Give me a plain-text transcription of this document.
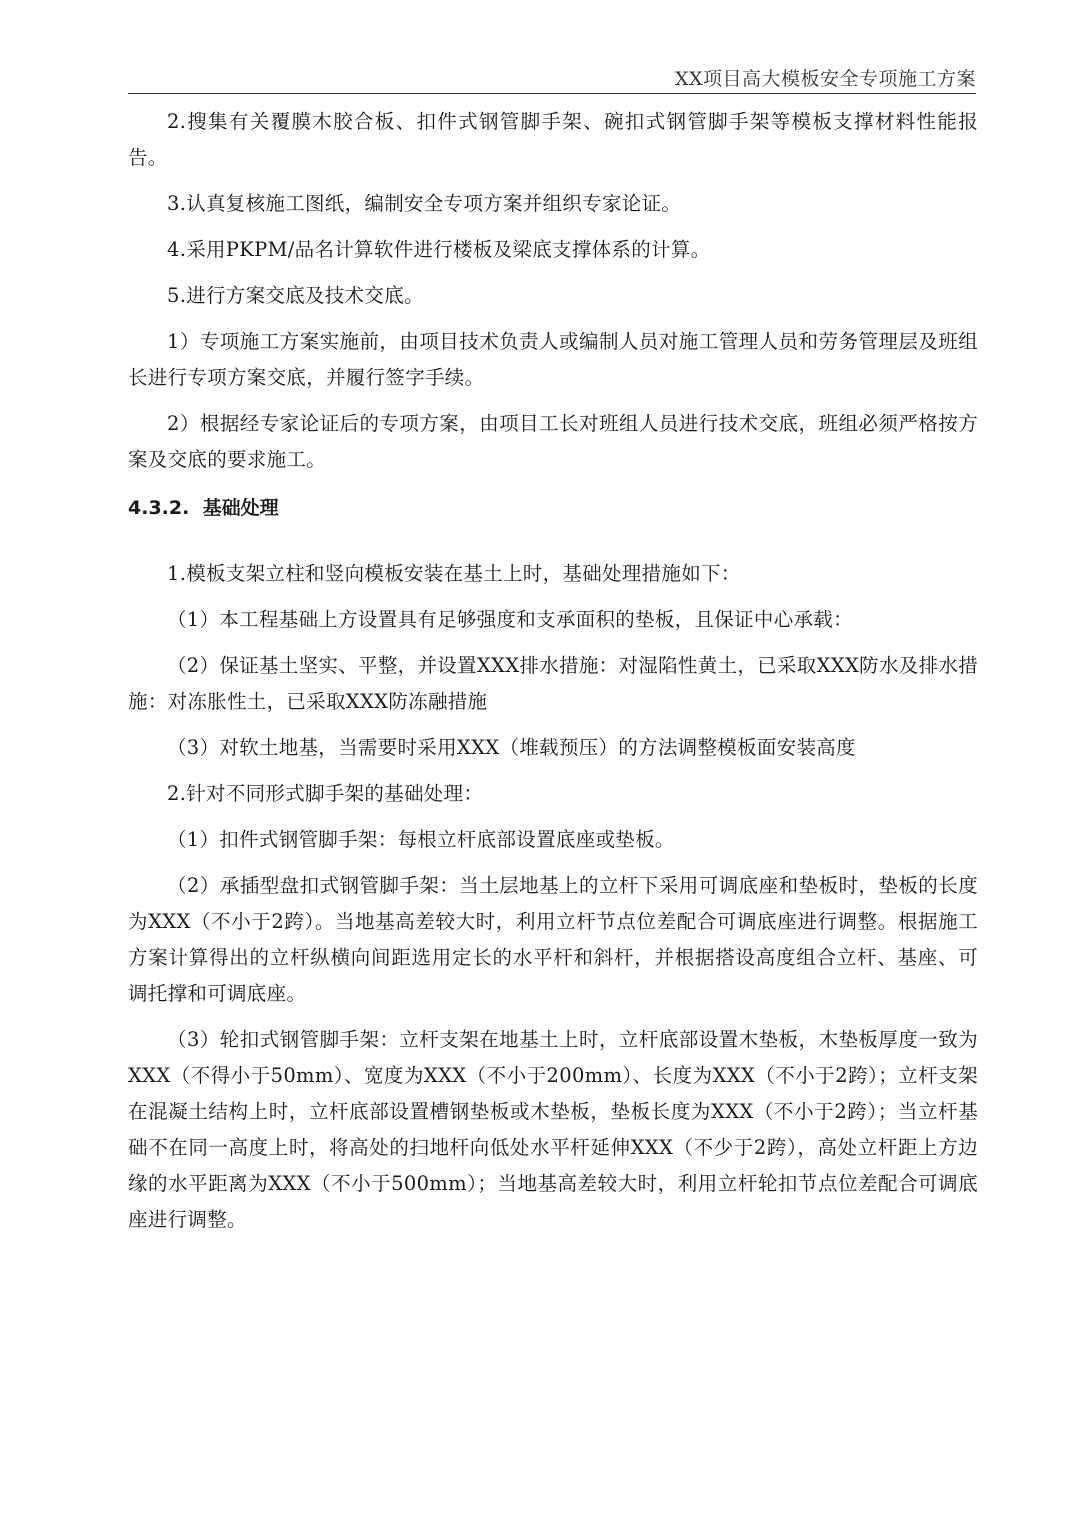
XX项目高大模板安全专项施工方案

2.搜集有关覆膜木胶合板、扣件式钢管脚手架、碗扣式钢管脚手架等模板支撑材料性能报告。

3.认真复核施工图纸，编制安全专项方案并组织专家论证。

4.采用PKPM/品名计算软件进行楼板及梁底支撑体系的计算。

5.进行方案交底及技术交底。

1）专项施工方案实施前，由项目技术负责人或编制人员对施工管理人员和劳务管理层及班组长进行专项方案交底，并履行签字手续。

2）根据经专家论证后的专项方案，由项目工长对班组人员进行技术交底，班组必须严格按方案及交底的要求施工。

4.3.2. 基础处理

1.模板支架立柱和竖向模板安装在基土上时，基础处理措施如下：

（1）本工程基础上方设置具有足够强度和支承面积的垫板，且保证中心承载：

（2）保证基土坚实、平整，并设置XXX排水措施：对湿陷性黄土，已采取XXX防水及排水措施：对冻胀性土，已采取XXX防冻融措施

（3）对软土地基，当需要时采用XXX（堆载预压）的方法调整模板面安装高度

2.针对不同形式脚手架的基础处理：

（1）扣件式钢管脚手架：每根立杆底部设置底座或垫板。

（2）承插型盘扣式钢管脚手架：当土层地基上的立杆下采用可调底座和垫板时，垫板的长度为XXX（不小于2跨）。当地基高差较大时，利用立杆节点位差配合可调底座进行调整。根据施工方案计算得出的立杆纵横向间距选用定长的水平杆和斜杆，并根据搭设高度组合立杆、基座、可调托撑和可调底座。

（3）轮扣式钢管脚手架：立杆支架在地基土上时，立杆底部设置木垫板，木垫板厚度一致为XXX（不得小于50mm）、宽度为XXX（不小于200mm）、长度为XXX（不小于2跨）；立杆支架在混凝土结构上时，立杆底部设置槽钢垫板或木垫板，垫板长度为XXX（不小于2跨）；当立杆基础不在同一高度上时，将高处的扫地杆向低处水平杆延伸XXX（不少于2跨），高处立杆距上方边缘的水平距离为XXX（不小于500mm）；当地基高差较大时，利用立杆轮扣节点位差配合可调底座进行调整。
